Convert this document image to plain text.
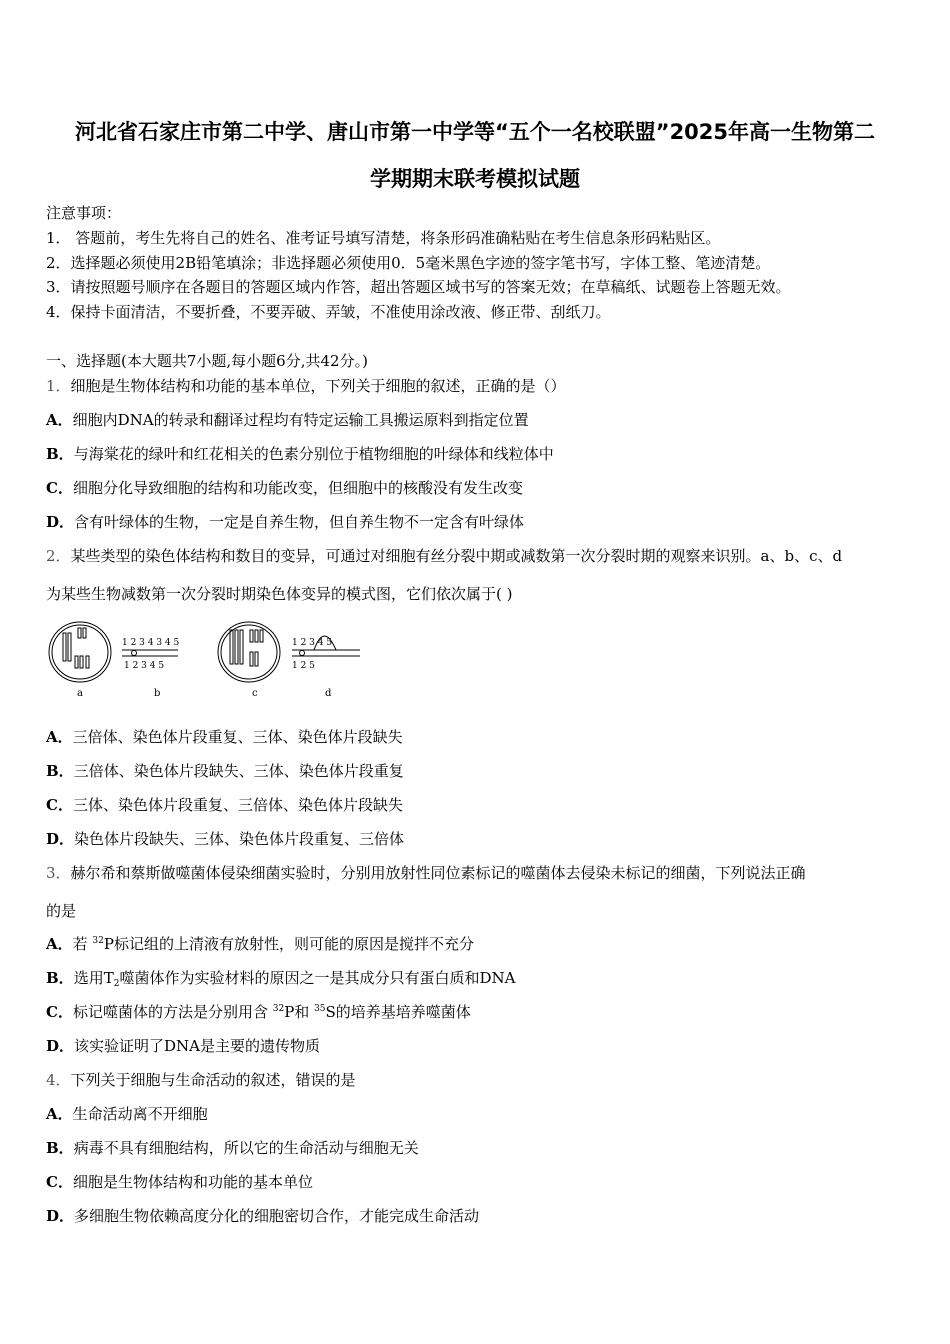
河北省石家庄市第二中学、唐山市第一中学等“五个一名校联盟”2025年高一生物第二
学期期末联考模拟试题
注意事项：
1． 答题前，考生先将自己的姓名、准考证号填写清楚，将条形码准确粘贴在考生信息条形码粘贴区。
2．选择题必须使用2B铅笔填涂；非选择题必须使用0．5毫米黑色字迹的签字笔书写，字体工整、笔迹清楚。
3．请按照题号顺序在各题目的答题区域内作答，超出答题区域书写的答案无效；在草稿纸、试题卷上答题无效。
4．保持卡面清洁，不要折叠，不要弄破、弄皱，不准使用涂改液、修正带、刮纸刀。
一、选择题(本大题共7小题,每小题6分,共42分。)
1．细胞是生物体结构和功能的基本单位，下列关于细胞的叙述，正确的是（）
A．细胞内DNA的转录和翻译过程均有特定运输工具搬运原料到指定位置
B．与海棠花的绿叶和红花相关的色素分别位于植物细胞的叶绿体和线粒体中
C．细胞分化导致细胞的结构和功能改变，但细胞中的核酸没有发生改变
D．含有叶绿体的生物，一定是自养生物，但自养生物不一定含有叶绿体
2．某些类型的染色体结构和数目的变异，可通过对细胞有丝分裂中期或减数第一次分裂时期的观察来识别。a、b、c、d
为某些生物减数第一次分裂时期染色体变异的模式图，它们依次属于( )
1 2 3 4 3 4 5
1 2 3 4 5
1 2 3 4 5
1 2 5
a	b	c	d
A．三倍体、染色体片段重复、三体、染色体片段缺失
B．三倍体、染色体片段缺失、三体、染色体片段重复
C．三体、染色体片段重复、三倍体、染色体片段缺失
D．染色体片段缺失、三体、染色体片段重复、三倍体
3．赫尔希和蔡斯做噬菌体侵染细菌实验时，分别用放射性同位素标记的噬菌体去侵染未标记的细菌，下列说法正确
的是
A．若 $^{32}$P标记组的上清液有放射性，则可能的原因是搅拌不充分
B．选用$T_2$噬菌体作为实验材料的原因之一是其成分只有蛋白质和DNA
C．标记噬菌体的方法是分别用含 $^{32}$P和 $^{35}$S的培养基培养噬菌体
D．该实验证明了DNA是主要的遗传物质
4．下列关于细胞与生命活动的叙述，错误的是
A．生命活动离不开细胞
B．病毒不具有细胞结构，所以它的生命活动与细胞无关
C．细胞是生物体结构和功能的基本单位
D．多细胞生物依赖高度分化的细胞密切合作，才能完成生命活动
